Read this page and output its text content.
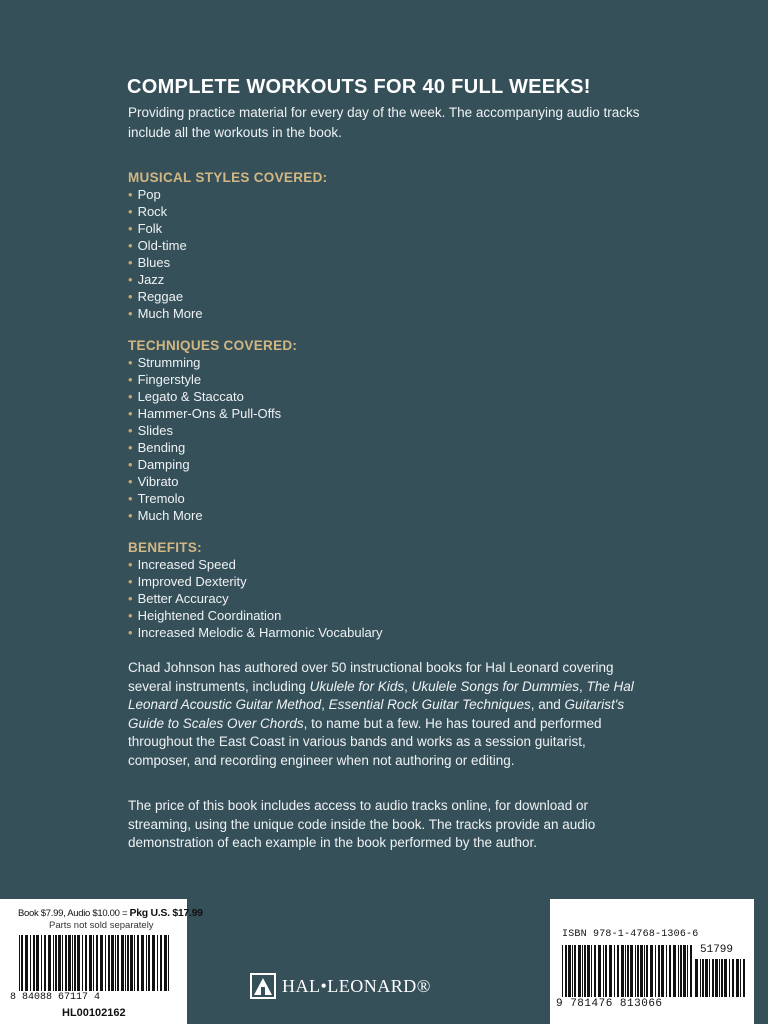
COMPLETE WORKOUTS FOR 40 FULL WEEKS!

Providing practice material for every day of the week. The accompanying audio tracks include all the workouts in the book.

MUSICAL STYLES COVERED:
• Pop
• Rock
• Folk
• Old-time
• Blues
• Jazz
• Reggae
• Much More
TECHNIQUES COVERED:
• Strumming
• Fingerstyle
• Legato & Staccato
• Hammer-Ons & Pull-Offs
• Slides
• Bending
• Damping
• Vibrato
• Tremolo
• Much More
BENEFITS:
• Increased Speed
• Improved Dexterity
• Better Accuracy
• Heightened Coordination
• Increased Melodic & Harmonic Vocabulary

Chad Johnson has authored over 50 instructional books for Hal Leonard covering several instruments, including Ukulele for Kids, Ukulele Songs for Dummies, The Hal Leonard Acoustic Guitar Method, Essential Rock Guitar Techniques, and Guitarist's Guide to Scales Over Chords, to name but a few. He has toured and performed throughout the East Coast in various bands and works as a session guitarist, composer, and recording engineer when not authoring or editing.

The price of this book includes access to audio tracks online, for download or streaming, using the unique code inside the book. The tracks provide an audio demonstration of each example in the book performed by the author.

Book $7.99, Audio $10.00 = Pkg U.S. $17.99
Parts not sold separately
8 84088 67117 4
HL00102162
HAL•LEONARD®
ISBN 978-1-4768-1306-6
51799
9 781476 813066
